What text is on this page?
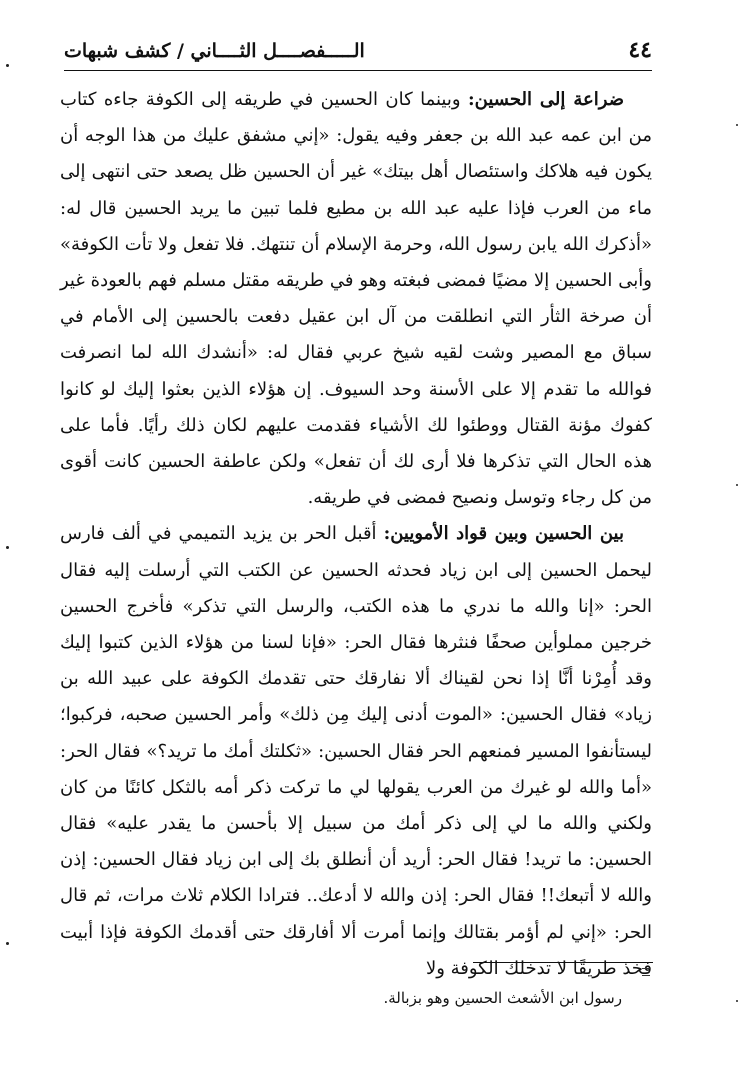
٤٤
الـــــفصــــل الثــــاني / كشف شبهات

ضراعة إلى الحسين: وبينما كان الحسين في طريقه إلى الكوفة جاءه كتاب من ابن عمه عبد الله بن جعفر وفيه يقول: «إني مشفق عليك من هذا الوجه أن يكون فيه هلاكك واستئصال أهل بيتك» غير أن الحسين ظل يصعد حتى انتهى إلى ماء من العرب فإذا عليه عبد الله بن مطيع فلما تبين ما يريد الحسين قال له: «أذكرك الله يابن رسول الله، وحرمة الإسلام أن تنتهك. فلا تفعل ولا تأت الكوفة» وأبى الحسين إلا مضيًا فمضى فبغته وهو في طريقه مقتل مسلم فهم بالعودة غير أن صرخة الثأر التي انطلقت من آل ابن عقيل دفعت بالحسين إلى الأمام في سباق مع المصير وشت لقيه شيخ عربي فقال له: «أنشدك الله لما انصرفت فوالله ما تقدم إلا على الأسنة وحد السيوف. إن هؤلاء الذين بعثوا إليك لو كانوا كفوك مؤنة القتال ووطئوا لك الأشياء فقدمت عليهم لكان ذلك رأيًا. فأما على هذه الحال التي تذكرها فلا أرى لك أن تفعل» ولكن عاطفة الحسين كانت أقوى من كل رجاء وتوسل ونصيح فمضى في طريقه.

بين الحسين وبين قواد الأمويين: أقبل الحر بن يزيد التميمي في ألف فارس ليحمل الحسين إلى ابن زياد فحدثه الحسين عن الكتب التي أرسلت إليه فقال الحر: «إنا والله ما ندري ما هذه الكتب، والرسل التي تذكر» فأخرج الحسين خرجين مملوأين صحفًا فنثرها فقال الحر: «فإنا لسنا من هؤلاء الذين كتبوا إليك وقد أُمِرْنا أنَّا إذا نحن لقيناك ألا نفارقك حتى تقدمك الكوفة على عبيد الله بن زياد» فقال الحسين: «الموت أدنى إليك مِن ذلك» وأمر الحسين صحبه، فركبوا؛ ليستأنفوا المسير فمنعهم الحر فقال الحسين: «ثكلتك أمك ما تريد؟» فقال الحر: «أما والله لو غيرك من العرب يقولها لي ما تركت ذكر أمه بالثكل كائنًا من كان ولكني والله ما لي إلى ذكر أمك من سبيل إلا بأحسن ما يقدر عليه» فقال الحسين: ما تريد! فقال الحر: أريد أن أنطلق بك إلى ابن زياد فقال الحسين: إذن والله لا أتبعك!! فقال الحر: إذن والله لا أدعك.. فترادا الكلام ثلاث مرات، ثم قال الحر: «إني لم أؤمر بقتالك وإنما أمرت ألا أفارقك حتى أقدمك الكوفة فإذا أبيت فخذ طريقًا لا تدخلك الكوفة ولا

رسول ابن الأشعث الحسين وهو بزبالة.
